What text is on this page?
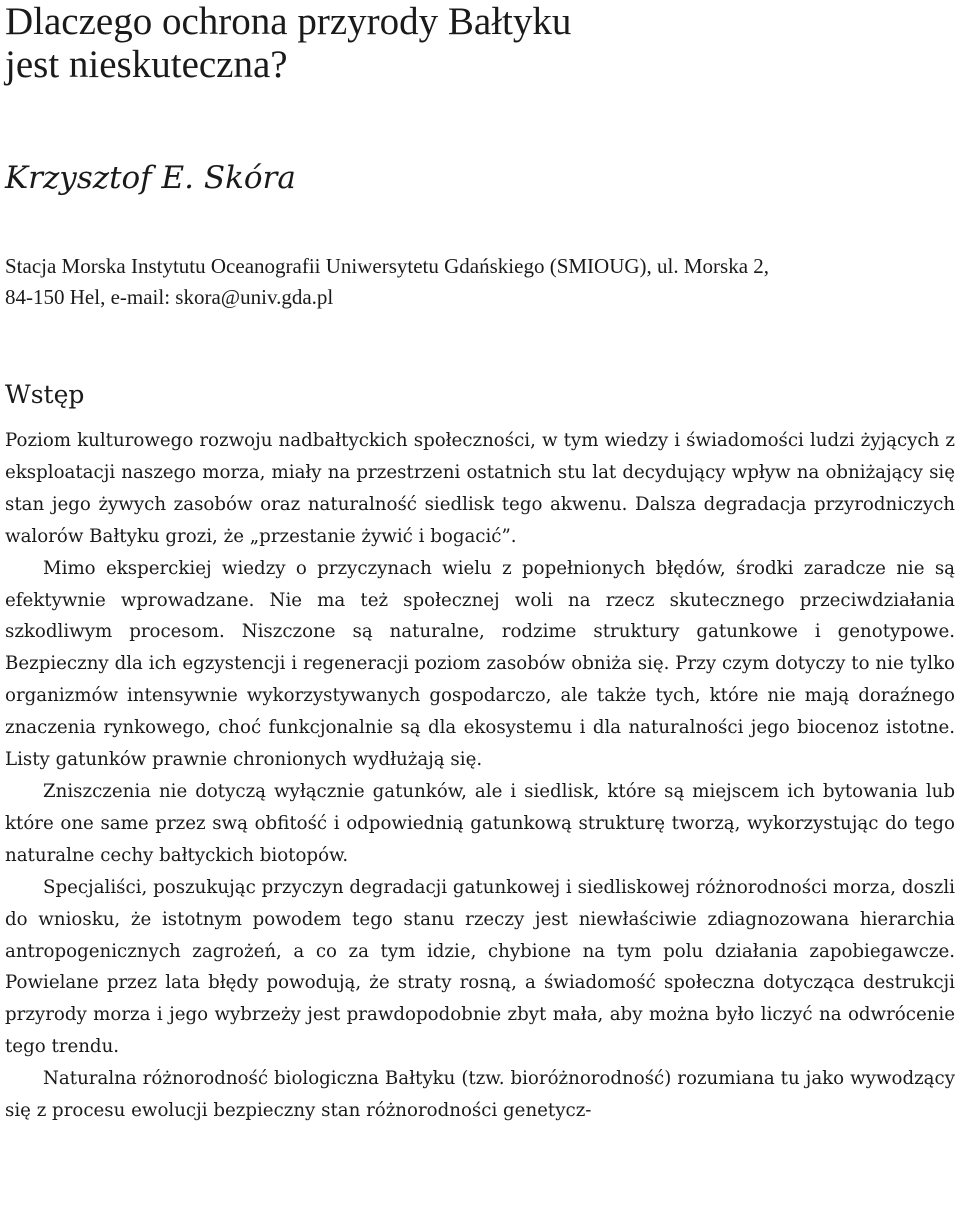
Dlaczego ochrona przyrody Bałtyku
jest nieskuteczna?

Krzysztof E. Skóra

Stacja Morska Instytutu Oceanografii Uniwersytetu Gdańskiego (SMIOUG), ul. Morska 2,
84-150 Hel, e-mail: skora@univ.gda.pl

Wstęp

Poziom kulturowego rozwoju nadbałtyckich społeczności, w tym wiedzy i świadomości ludzi żyjących z eksploatacji naszego morza, miały na przestrzeni ostatnich stu lat decydujący wpływ na obniżający się stan jego żywych zasobów oraz naturalność siedlisk tego akwenu. Dalsza degradacja przyrodniczych walorów Bałtyku grozi, że „przestanie żywić i bogacić”.

Mimo eksperckiej wiedzy o przyczynach wielu z popełnionych błędów, środki zaradcze nie są efektywnie wprowadzane. Nie ma też społecznej woli na rzecz skutecznego przeciwdziałania szkodliwym procesom. Niszczone są naturalne, rodzime struktury gatunkowe i genotypowe. Bezpieczny dla ich egzystencji i regeneracji poziom zasobów obniża się. Przy czym dotyczy to nie tylko organizmów intensywnie wykorzystywanych gospodarczo, ale także tych, które nie mają doraźnego znaczenia rynkowego, choć funkcjonalnie są dla ekosystemu i dla naturalności jego biocenoz istotne. Listy gatunków prawnie chronionych wydłużają się.

Zniszczenia nie dotyczą wyłącznie gatunków, ale i siedlisk, które są miejscem ich bytowania lub które one same przez swą obfitość i odpowiednią gatunkową strukturę tworzą, wykorzystując do tego naturalne cechy bałtyckich biotopów.

Specjaliści, poszukując przyczyn degradacji gatunkowej i siedliskowej różnorodności morza, doszli do wniosku, że istotnym powodem tego stanu rzeczy jest niewłaściwie zdiagnozowana hierarchia antropogenicznych zagrożeń, a co za tym idzie, chybione na tym polu działania zapobiegawcze. Powielane przez lata błędy powodują, że straty rosną, a świadomość społeczna dotycząca destrukcji przyrody morza i jego wybrzeży jest prawdopodobnie zbyt mała, aby można było liczyć na odwrócenie tego trendu.

Naturalna różnorodność biologiczna Bałtyku (tzw. bioróżnorodność) rozumiana tu jako wywodzący się z procesu ewolucji bezpieczny stan różnorodności genetycz-
